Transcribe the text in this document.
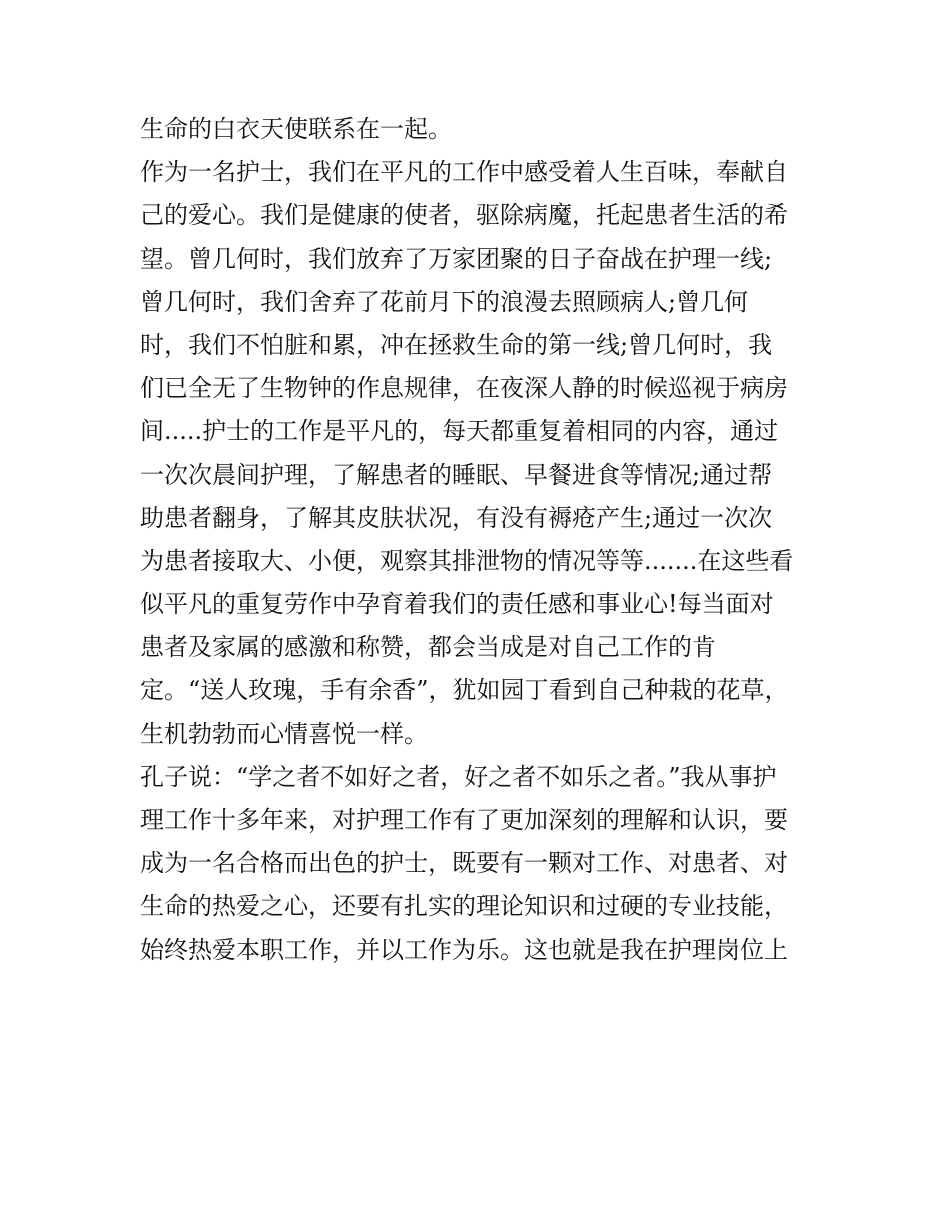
生命的白衣天使联系在一起。
作为一名护士，我们在平凡的工作中感受着人生百味，奉献自
己的爱心。我们是健康的使者，驱除病魔，托起患者生活的希
望。曾几何时，我们放弃了万家团聚的日子奋战在护理一线;
曾几何时，我们舍弃了花前月下的浪漫去照顾病人;曾几何
时，我们不怕脏和累，冲在拯救生命的第一线;曾几何时，我
们已全无了生物钟的作息规律，在夜深人静的时候巡视于病房
间.....护士的工作是平凡的，每天都重复着相同的内容，通过
一次次晨间护理，了解患者的睡眠、早餐进食等情况;通过帮
助患者翻身，了解其皮肤状况，有没有褥疮产生;通过一次次
为患者接取大、小便，观察其排泄物的情况等等.......在这些看
似平凡的重复劳作中孕育着我们的责任感和事业心!每当面对
患者及家属的感激和称赞，都会当成是对自己工作的肯
定。“送人玫瑰，手有余香”，犹如园丁看到自己种栽的花草，
生机勃勃而心情喜悦一样。
孔子说：“学之者不如好之者，好之者不如乐之者。”我从事护
理工作十多年来，对护理工作有了更加深刻的理解和认识，要
成为一名合格而出色的护士，既要有一颗对工作、对患者、对
生命的热爱之心，还要有扎实的理论知识和过硬的专业技能，
始终热爱本职工作，并以工作为乐。这也就是我在护理岗位上
